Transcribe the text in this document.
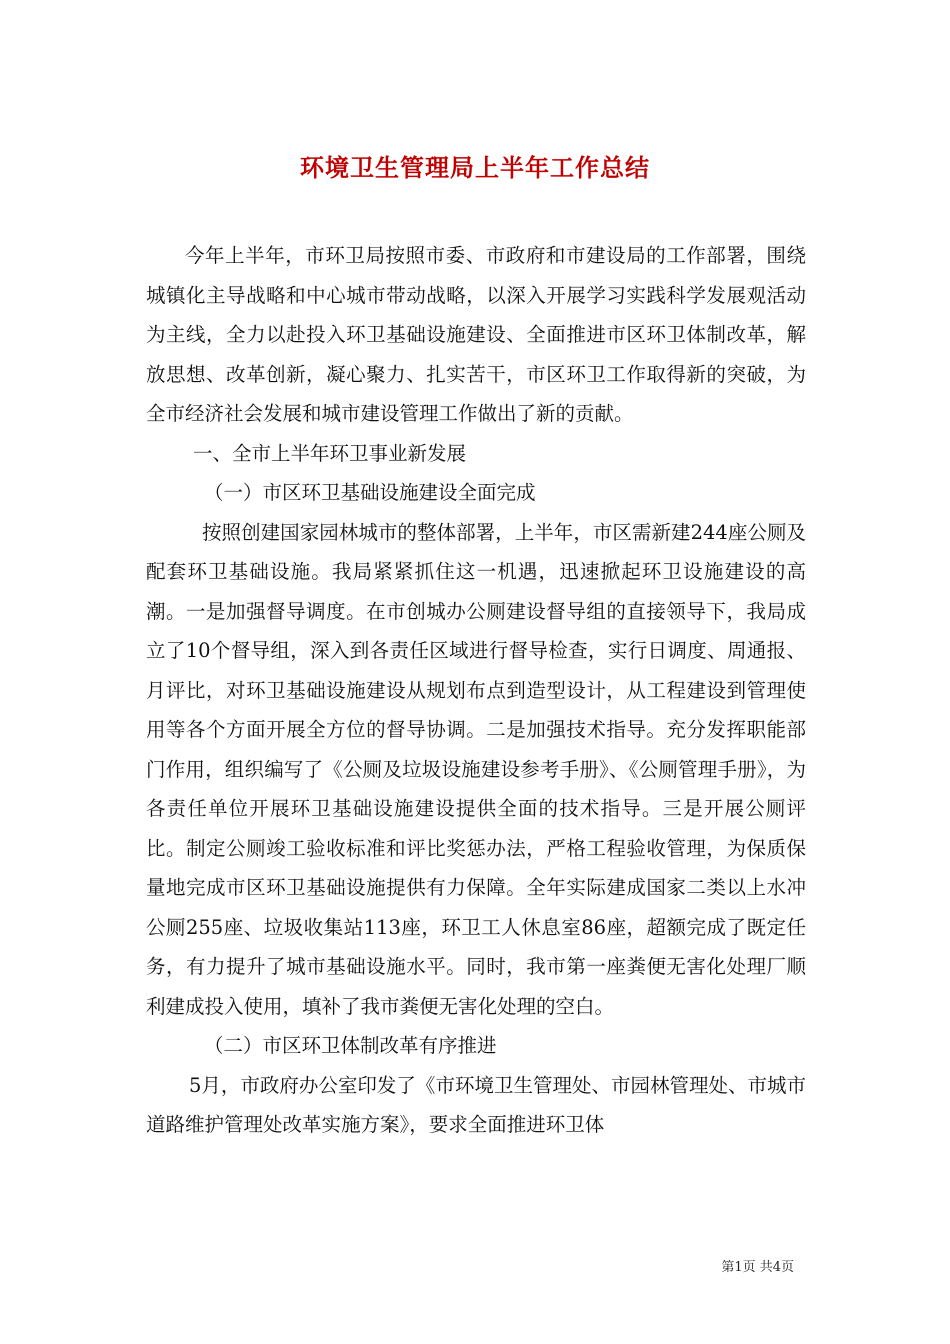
环境卫生管理局上半年工作总结

今年上半年，市环卫局按照市委、市政府和市建设局的工作部署，围绕城镇化主导战略和中心城市带动战略，以深入开展学习实践科学发展观活动为主线，全力以赴投入环卫基础设施建设、全面推进市区环卫体制改革，解放思想、改革创新，凝心聚力、扎实苦干，市区环卫工作取得新的突破，为全市经济社会发展和城市建设管理工作做出了新的贡献。

一、全市上半年环卫事业新发展

（一）市区环卫基础设施建设全面完成

按照创建国家园林城市的整体部署，上半年，市区需新建244座公厕及配套环卫基础设施。我局紧紧抓住这一机遇，迅速掀起环卫设施建设的高潮。一是加强督导调度。在市创城办公厕建设督导组的直接领导下，我局成立了10个督导组，深入到各责任区域进行督导检查，实行日调度、周通报、月评比，对环卫基础设施建设从规划布点到造型设计，从工程建设到管理使用等各个方面开展全方位的督导协调。二是加强技术指导。充分发挥职能部门作用，组织编写了《公厕及垃圾设施建设参考手册》、《公厕管理手册》，为各责任单位开展环卫基础设施建设提供全面的技术指导。三是开展公厕评比。制定公厕竣工验收标准和评比奖惩办法，严格工程验收管理，为保质保量地完成市区环卫基础设施提供有力保障。全年实际建成国家二类以上水冲公厕255座、垃圾收集站113座，环卫工人休息室86座，超额完成了既定任务，有力提升了城市基础设施水平。同时，我市第一座粪便无害化处理厂顺利建成投入使用，填补了我市粪便无害化处理的空白。

（二）市区环卫体制改革有序推进

5月，市政府办公室印发了《市环境卫生管理处、市园林管理处、市城市道路维护管理处改革实施方案》，要求全面推进环卫体

第1页 共4页
